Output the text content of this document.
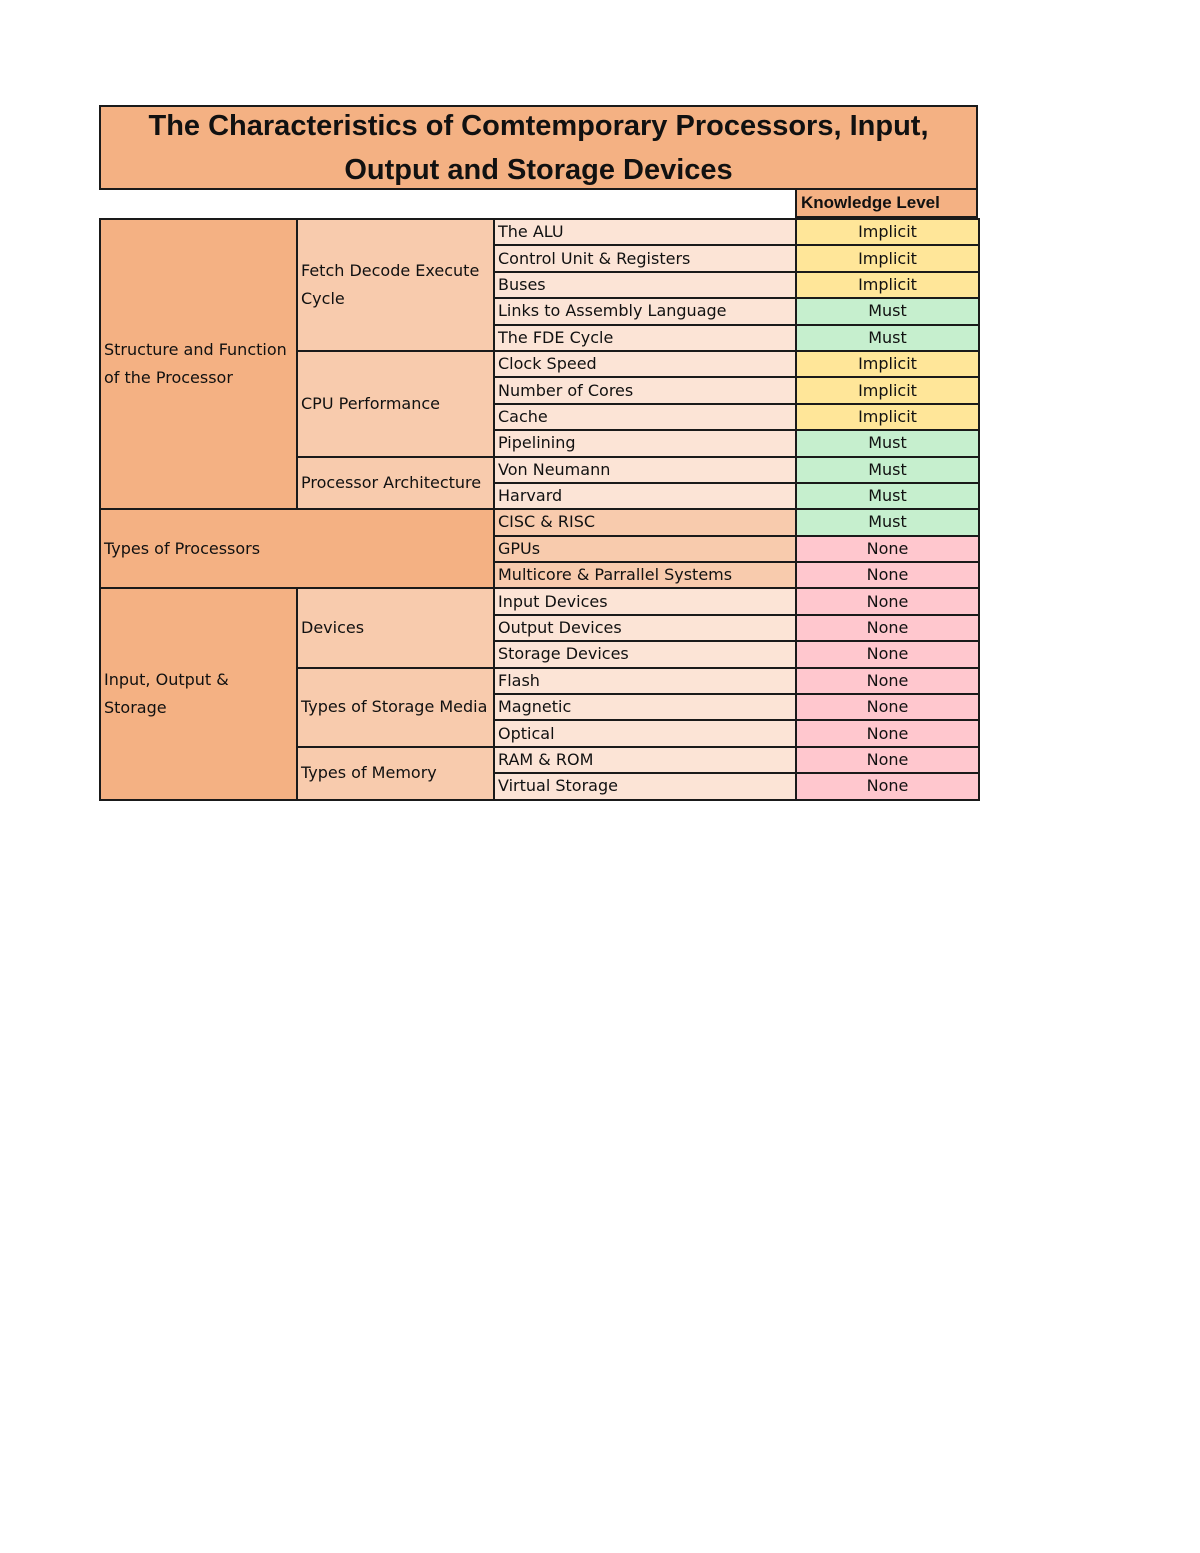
The Characteristics of Comtemporary Processors, Input, Output and Storage Devices
Knowledge Level
Structure and Function of the Processor	Fetch Decode Execute Cycle	The ALU	Implicit
		Control Unit & Registers	Implicit
		Buses	Implicit
		Links to Assembly Language	Must
		The FDE Cycle	Must
	CPU Performance	Clock Speed	Implicit
		Number of Cores	Implicit
		Cache	Implicit
		Pipelining	Must
	Processor Architecture	Von Neumann	Must
		Harvard	Must
Types of Processors		CISC & RISC	Must
		GPUs	None
		Multicore & Parrallel Systems	None
Input, Output & Storage	Devices	Input Devices	None
		Output Devices	None
		Storage Devices	None
	Types of Storage Media	Flash	None
		Magnetic	None
		Optical	None
	Types of Memory	RAM & ROM	None
		Virtual Storage	None
